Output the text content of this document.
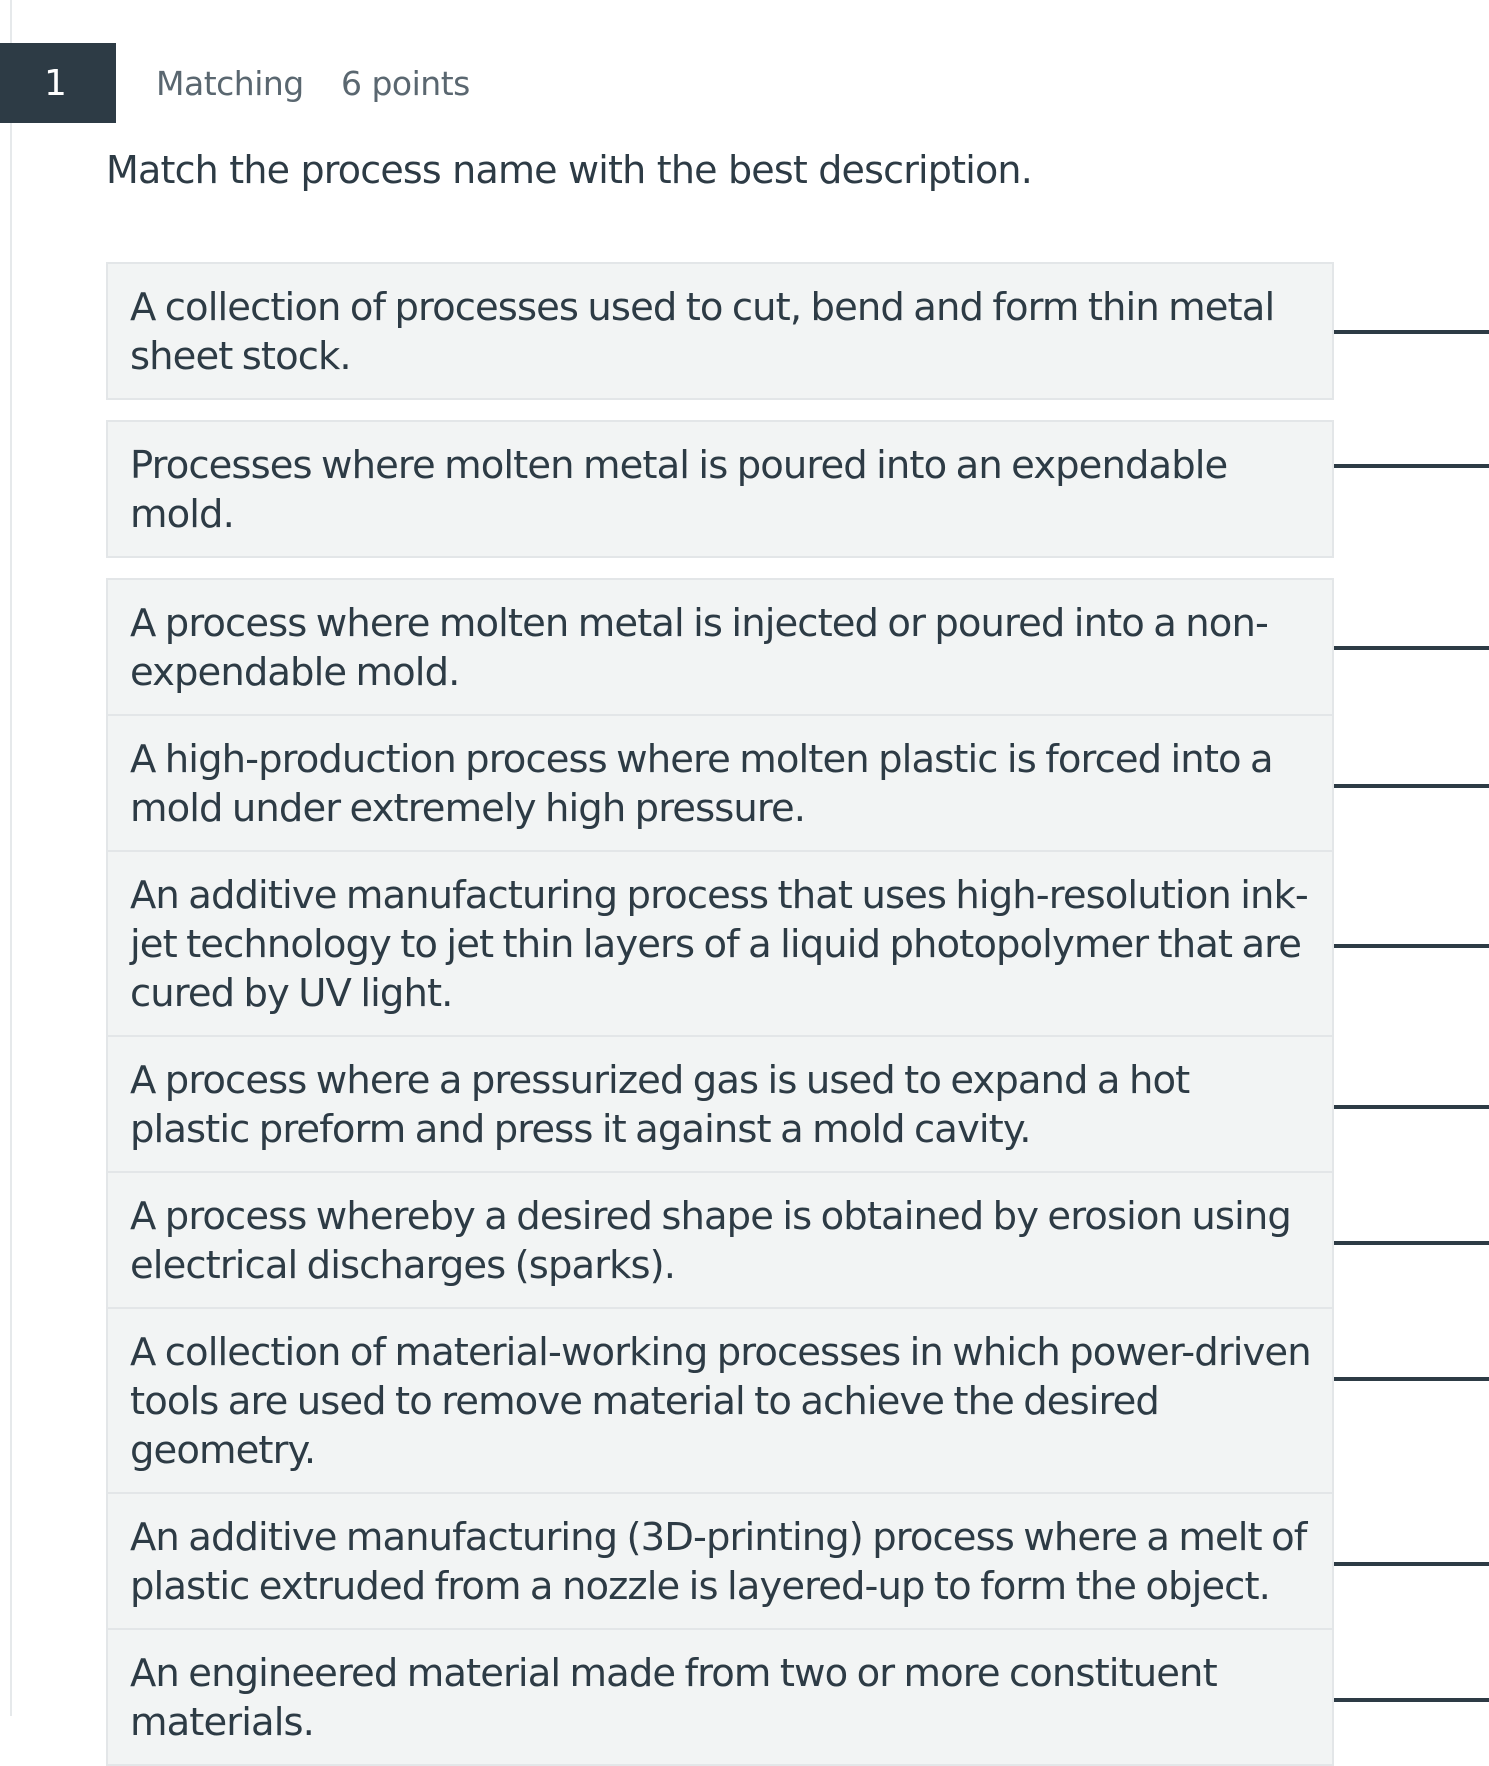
1	Matching 6 points
Match the process name with the best description.
A collection of processes used to cut, bend and form thin metal sheet stock.
Processes where molten metal is poured into an expendable mold.
A process where molten metal is injected or poured into a non-expendable mold.
A high-production process where molten plastic is forced into a mold under extremely high pressure.
An additive manufacturing process that uses high-resolution ink-jet technology to jet thin layers of a liquid photopolymer that are cured by UV light.
A process where a pressurized gas is used to expand a hot plastic preform and press it against a mold cavity.
A process whereby a desired shape is obtained by erosion using electrical discharges (sparks).
A collection of material-working processes in which power-driven tools are used to remove material to achieve the desired geometry.
An additive manufacturing (3D-printing) process where a melt of plastic extruded from a nozzle is layered-up to form the object.
An engineered material made from two or more constituent materials.
